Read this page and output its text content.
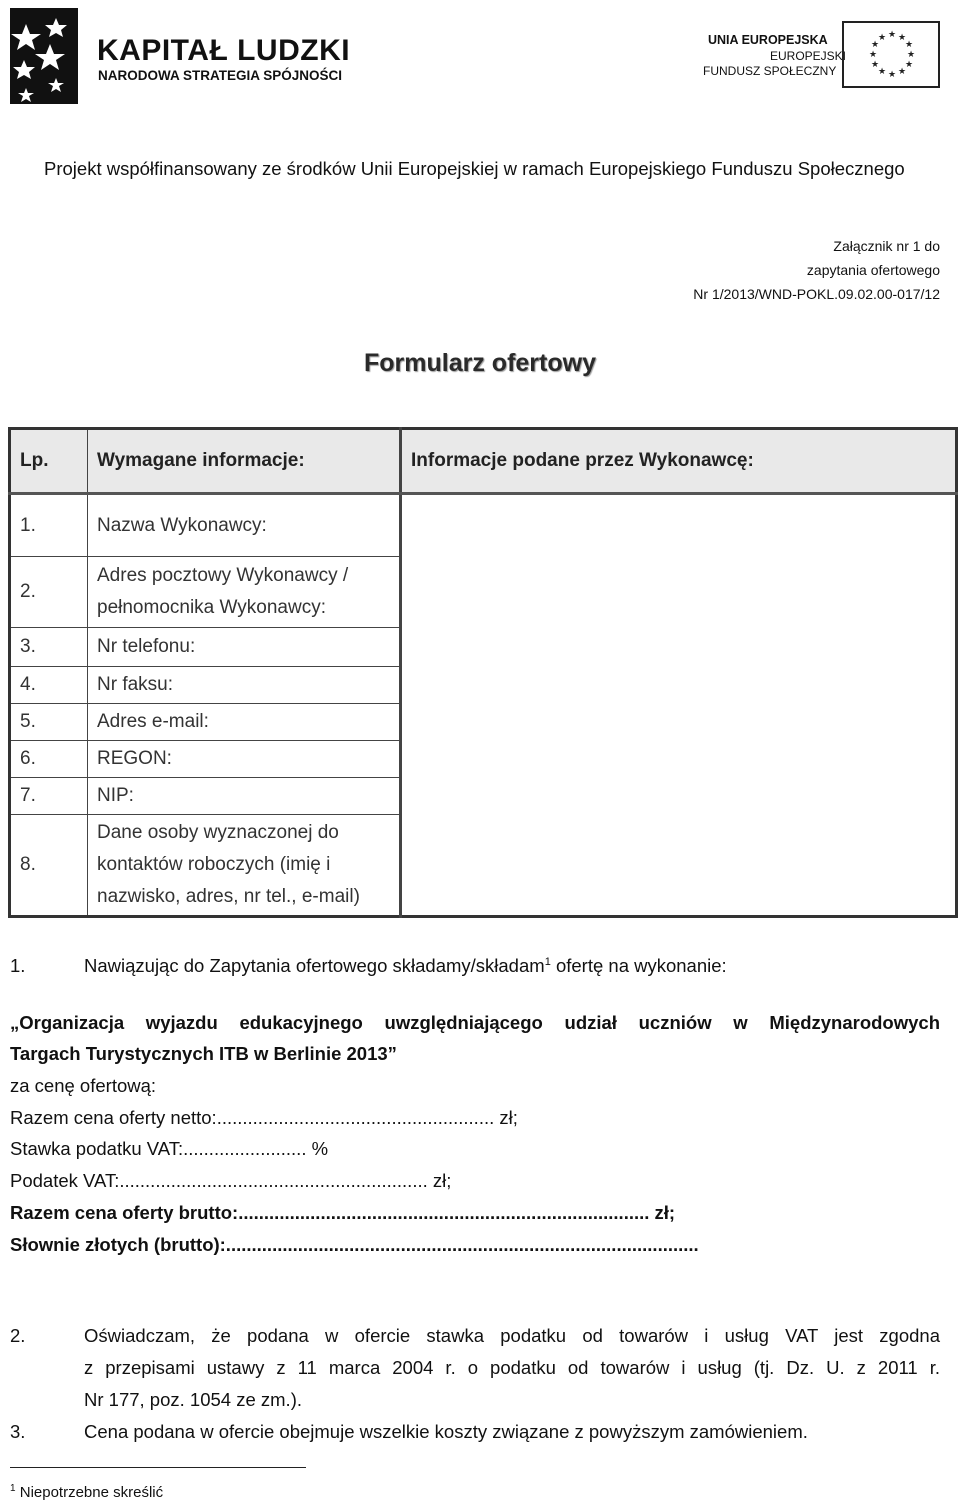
KAPITAŁ LUDZKI
NARODOWA STRATEGIA SPÓJNOŚCI
UNIA EUROPEJSKA
EUROPEJSKI
FUNDUSZ SPOŁECZNY
★ ★
★
★
★
★
★
★
★
★
★
★
Projekt współfinansowany ze środków Unii Europejskiej w ramach Europejskiego Funduszu Społecznego
Załącznik nr 1 do
zapytania ofertowego
Nr 1/2013/WND-POKL.09.02.00-017/12
Formularz ofertowy
Lp.	Wymagane informacje:	Informacje podane przez Wykonawcę:
1.	Nazwa Wykonawcy:	
2.	Adres pocztowy Wykonawcy / pełnomocnika Wykonawcy:	
3.	Nr telefonu:	
4.	Nr faksu:	
5.	Adres e-mail:	
6.	REGON:	
7.	NIP:	
8.	Dane osoby wyznaczonej do kontaktów roboczych (imię i nazwisko, adres, nr tel., e-mail)	
1.	Nawiązując do Zapytania ofertowego składamy/składam$^1$ ofertę na wykonanie:
„Organizacja wyjazdu edukacyjnego uwzględniającego udział uczniów w Międzynarodowych
Targach Turystycznych ITB w Berlinie 2013”
za cenę ofertową:
Razem cena oferty netto:...................................................... zł;
Stawka podatku VAT:........................ %
Podatek VAT:............................................................ zł;
Razem cena oferty brutto:................................................................................ zł;
Słownie złotych (brutto):............................................................................................
2.	Oświadczam, że podana w ofercie stawka podatku od towarów i usług VAT jest zgodna
z przepisami ustawy z 11 marca 2004 r. o podatku od towarów i usług (tj. Dz. U. z 2011 r.
Nr 177, poz. 1054 ze zm.).
3.	Cena podana w ofercie obejmuje wszelkie koszty związane z powyższym zamówieniem.
$^1$ Niepotrzebne skreślić
